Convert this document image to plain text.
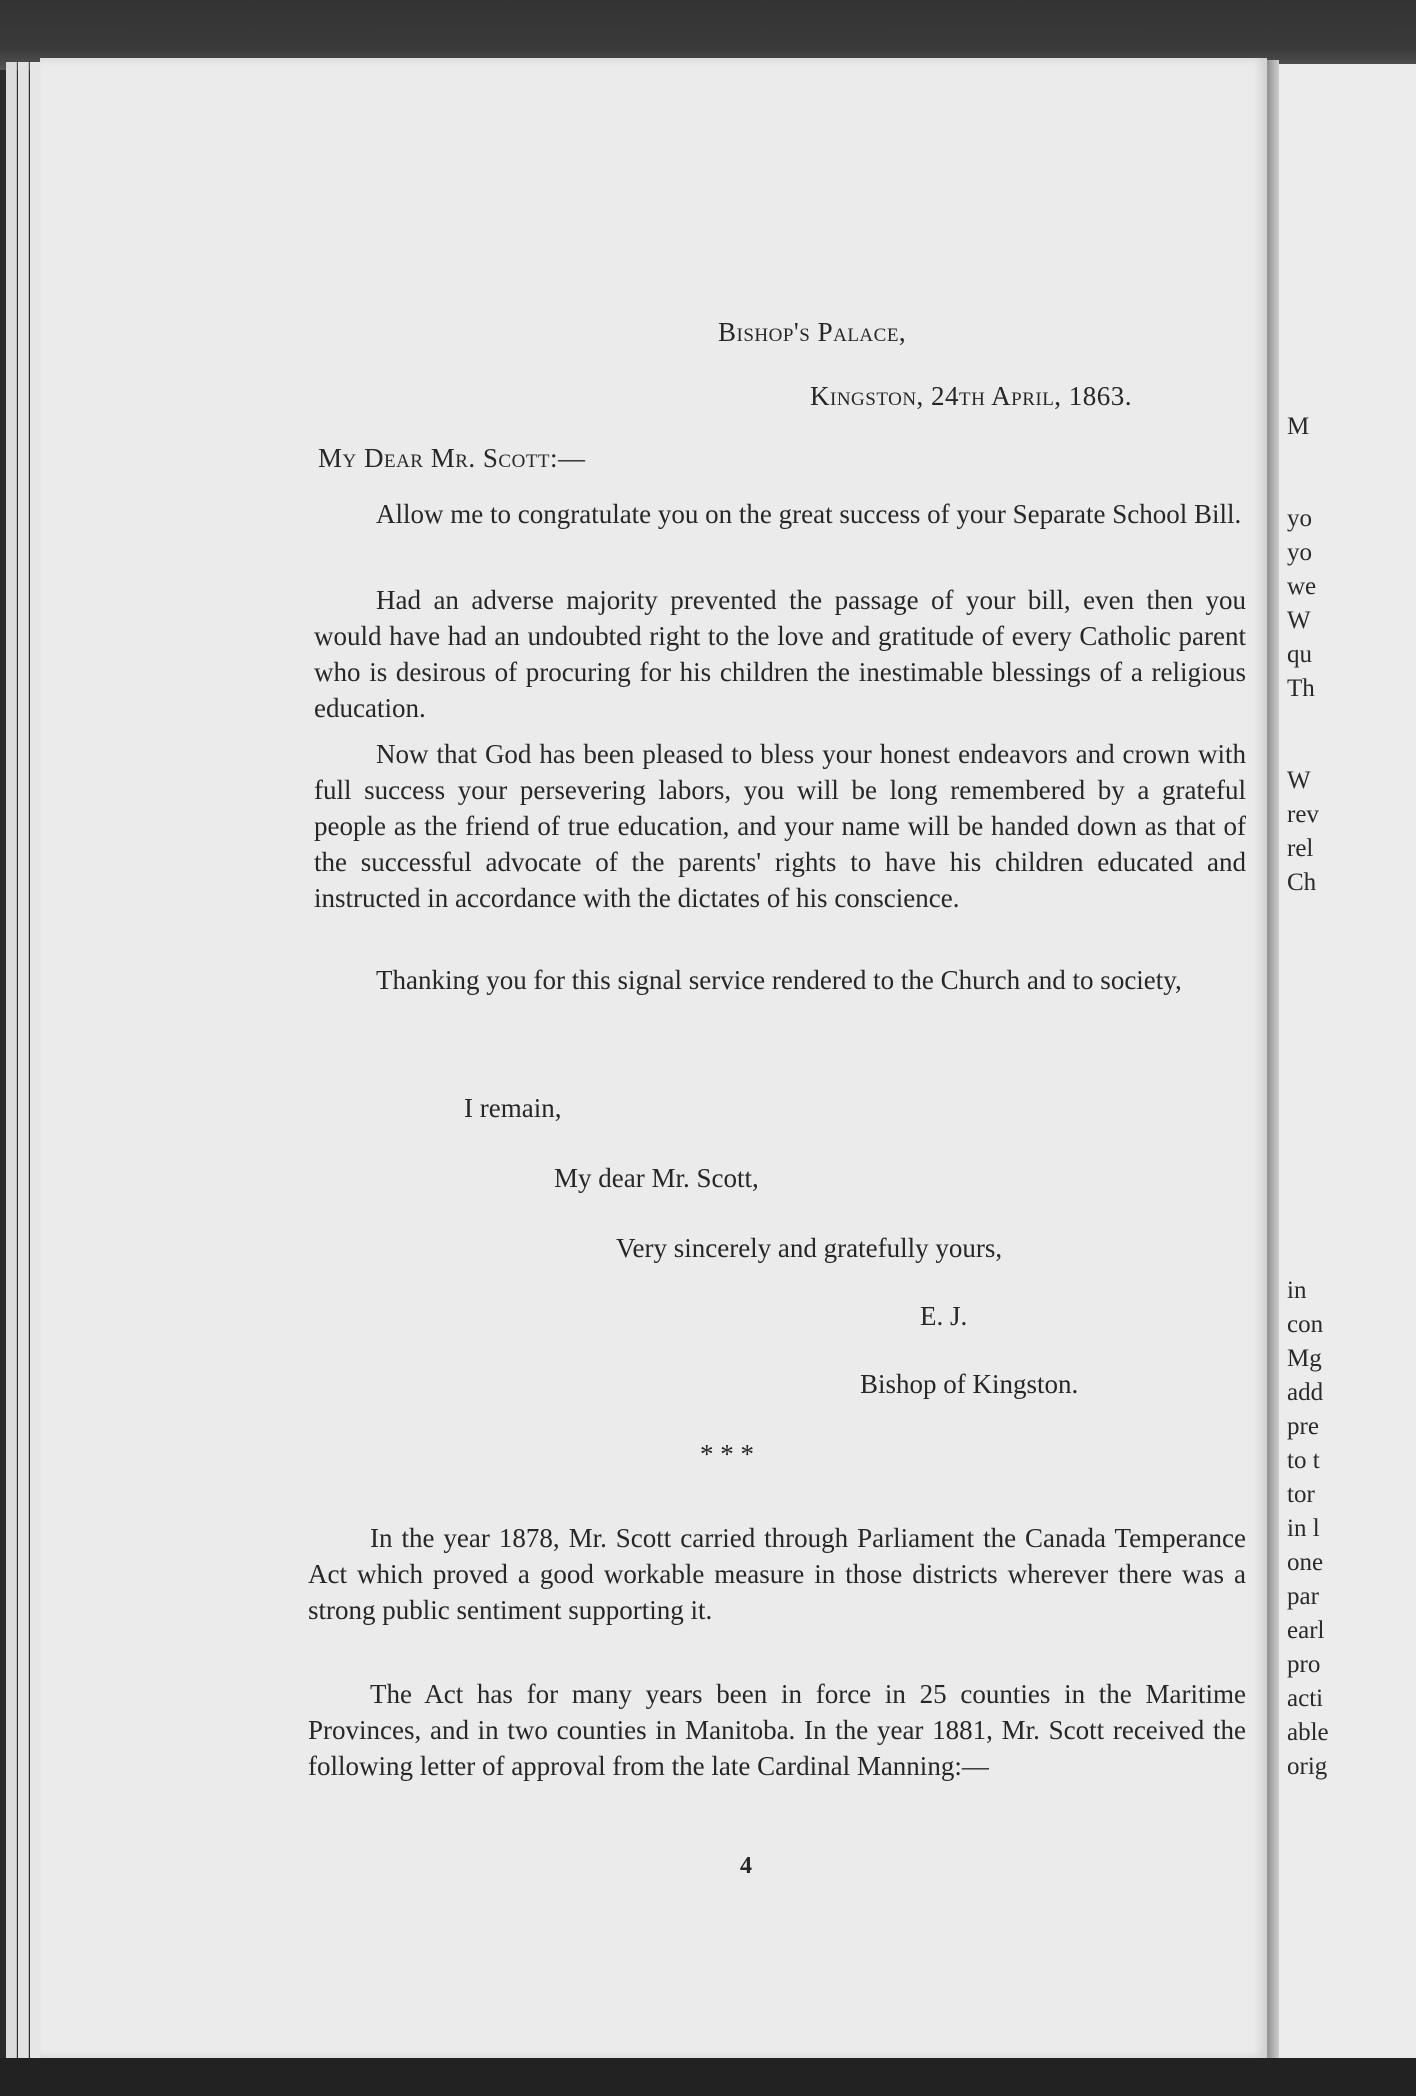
Bishop's Palace,
Kingston, 24th April, 1863.
My Dear Mr. Scott:—
Allow me to congratulate you on the great success of your Separate School Bill.
Had an adverse majority prevented the passage of your bill, even then you would have had an undoubted right to the love and gratitude of every Catholic parent who is desirous of procuring for his children the inestimable blessings of a religious education.
Now that God has been pleased to bless your honest endeavors and crown with full success your persevering labors, you will be long remembered by a grateful people as the friend of true education, and your name will be handed down as that of the successful advocate of the parents' rights to have his children educated and instructed in accordance with the dictates of his conscience.
Thanking you for this signal service rendered to the Church and to society,
I remain,
My dear Mr. Scott,
Very sincerely and gratefully yours,
E. J.
Bishop of Kingston.
* * *
In the year 1878, Mr. Scott carried through Parliament the Canada Temperance Act which proved a good workable measure in those districts wherever there was a strong public sentiment supporting it.
The Act has for many years been in force in 25 counties in the Maritime Provinces, and in two counties in Manitoba. In the year 1881, Mr. Scott received the following letter of approval from the late Cardinal Manning:—
4
M
yo
yo
we
W
qu
Th
W
rev
rel
Ch
in
con
Mg
add
pre
to t
tor
in l
one
par
earl
pro
acti
able
orig
